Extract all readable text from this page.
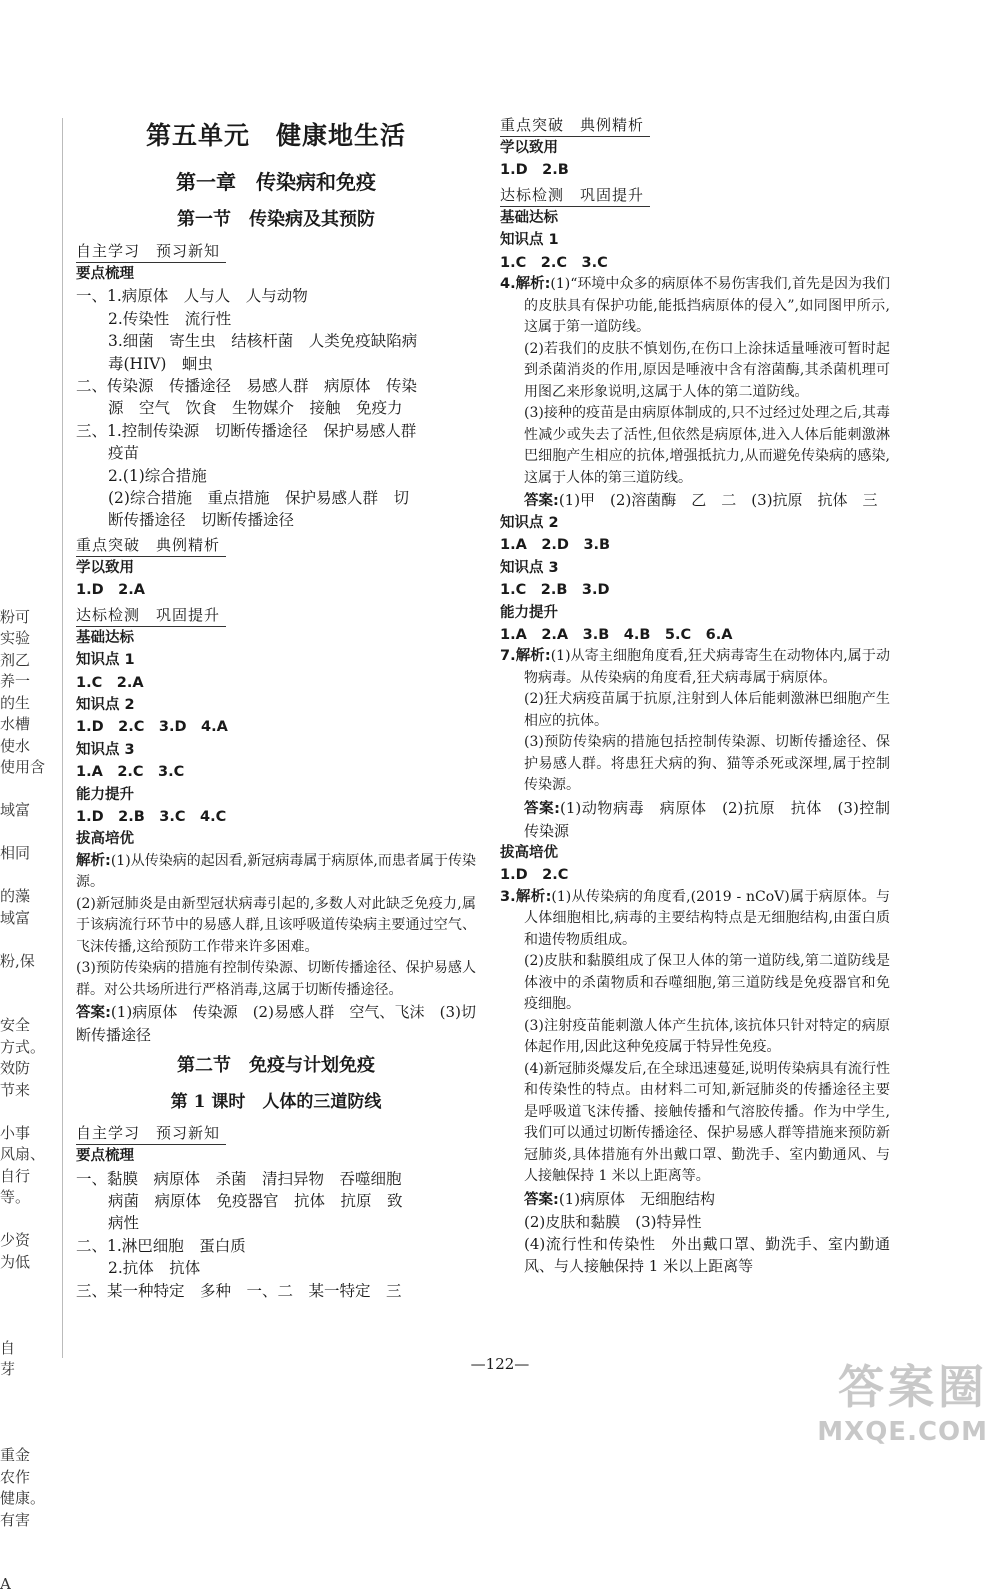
粉可
实验
剂乙
养一
的生
水槽
使水
使用含
域富
相同
的藻
域富
粉,保
安全
方式。
效防
节来
小事
风扇、
自行
等。
少资
为低
自
芽
重金
农作
健康。
有害
A
第五单元　健康地生活
第一章　传染病和免疫
第一节　传染病及其预防
自主学习　预习新知
要点梳理
一、1.病原体　人与人　人与动物
2.传染性　流行性
3.细菌　寄生虫　结核杆菌　人类免疫缺陷病
毒(HIV)　蛔虫
二、传染源　传播途径　易感人群　病原体　传染
源　空气　饮食　生物媒介　接触　免疫力
三、1.控制传染源　切断传播途径　保护易感人群
疫苗
2.(1)综合措施
(2)综合措施　重点措施　保护易感人群　切
断传播途径　切断传播途径
重点突破　典例精析
学以致用
1.D　2.A
达标检测　巩固提升
基础达标
知识点 1
1.C　2.A
知识点 2
1.D　2.C　3.D　4.A
知识点 3
1.A　2.C　3.C
能力提升
1.D　2.B　3.C　4.C
拔高培优
解析:(1)从传染病的起因看,新冠病毒属于病原体,而患者属于传染源。
(2)新冠肺炎是由新型冠状病毒引起的,多数人对此缺乏免疫力,属于该病流行环节中的易感人群,且该呼吸道传染病主要通过空气、飞沫传播,这给预防工作带来许多困难。
(3)预防传染病的措施有控制传染源、切断传播途径、保护易感人群。对公共场所进行严格消毒,这属于切断传播途径。
答案:(1)病原体　传染源　(2)易感人群　空气、飞沫　(3)切断传播途径
第二节　免疫与计划免疫
第 1 课时　人体的三道防线
自主学习　预习新知
要点梳理
一、黏膜　病原体　杀菌　清扫异物　吞噬细胞
病菌　病原体　免疫器官　抗体　抗原　致
病性
二、1.淋巴细胞　蛋白质
2.抗体　抗体
三、某一种特定　多种　一、二　某一特定　三
重点突破　典例精析
学以致用
1.D　2.B
达标检测　巩固提升
基础达标
知识点 1
1.C　2.C　3.C
4.解析:(1)“环境中众多的病原体不易伤害我们,首先是因为我们的皮肤具有保护功能,能抵挡病原体的侵入”,如同图甲所示,这属于第一道防线。
(2)若我们的皮肤不慎划伤,在伤口上涂抹适量唾液可暂时起到杀菌消炎的作用,原因是唾液中含有溶菌酶,其杀菌机理可用图乙来形象说明,这属于人体的第二道防线。
(3)接种的疫苗是由病原体制成的,只不过经过处理之后,其毒性减少或失去了活性,但依然是病原体,进入人体后能刺激淋巴细胞产生相应的抗体,增强抵抗力,从而避免传染病的感染,这属于人体的第三道防线。
答案:(1)甲　(2)溶菌酶　乙　二　(3)抗原　抗体　三
知识点 2
1.A　2.D　3.B
知识点 3
1.C　2.B　3.D
能力提升
1.A　2.A　3.B　4.B　5.C　6.A
7.解析:(1)从寄主细胞角度看,狂犬病毒寄生在动物体内,属于动物病毒。从传染病的角度看,狂犬病毒属于病原体。
(2)狂犬病疫苗属于抗原,注射到人体后能刺激淋巴细胞产生相应的抗体。
(3)预防传染病的措施包括控制传染源、切断传播途径、保护易感人群。将患狂犬病的狗、猫等杀死或深埋,属于控制传染源。
答案:(1)动物病毒　病原体　(2)抗原　抗体　(3)控制传染源
拔高培优
1.D　2.C
3.解析:(1)从传染病的角度看,(2019 - nCoV)属于病原体。与人体细胞相比,病毒的主要结构特点是无细胞结构,由蛋白质和遗传物质组成。
(2)皮肤和黏膜组成了保卫人体的第一道防线,第二道防线是体液中的杀菌物质和吞噬细胞,第三道防线是免疫器官和免疫细胞。
(3)注射疫苗能刺激人体产生抗体,该抗体只针对特定的病原体起作用,因此这种免疫属于特异性免疫。
(4)新冠肺炎爆发后,在全球迅速蔓延,说明传染病具有流行性和传染性的特点。由材料二可知,新冠肺炎的传播途径主要是呼吸道飞沫传播、接触传播和气溶胶传播。作为中学生,我们可以通过切断传播途径、保护易感人群等措施来预防新冠肺炎,具体措施有外出戴口罩、勤洗手、室内勤通风、与人接触保持 1 米以上距离等。
答案:(1)病原体　无细胞结构
(2)皮肤和黏膜　(3)特异性
(4)流行性和传染性　外出戴口罩、勤洗手、室内勤通风、与人接触保持 1 米以上距离等
—122—	答案圈
MXQE.COM
